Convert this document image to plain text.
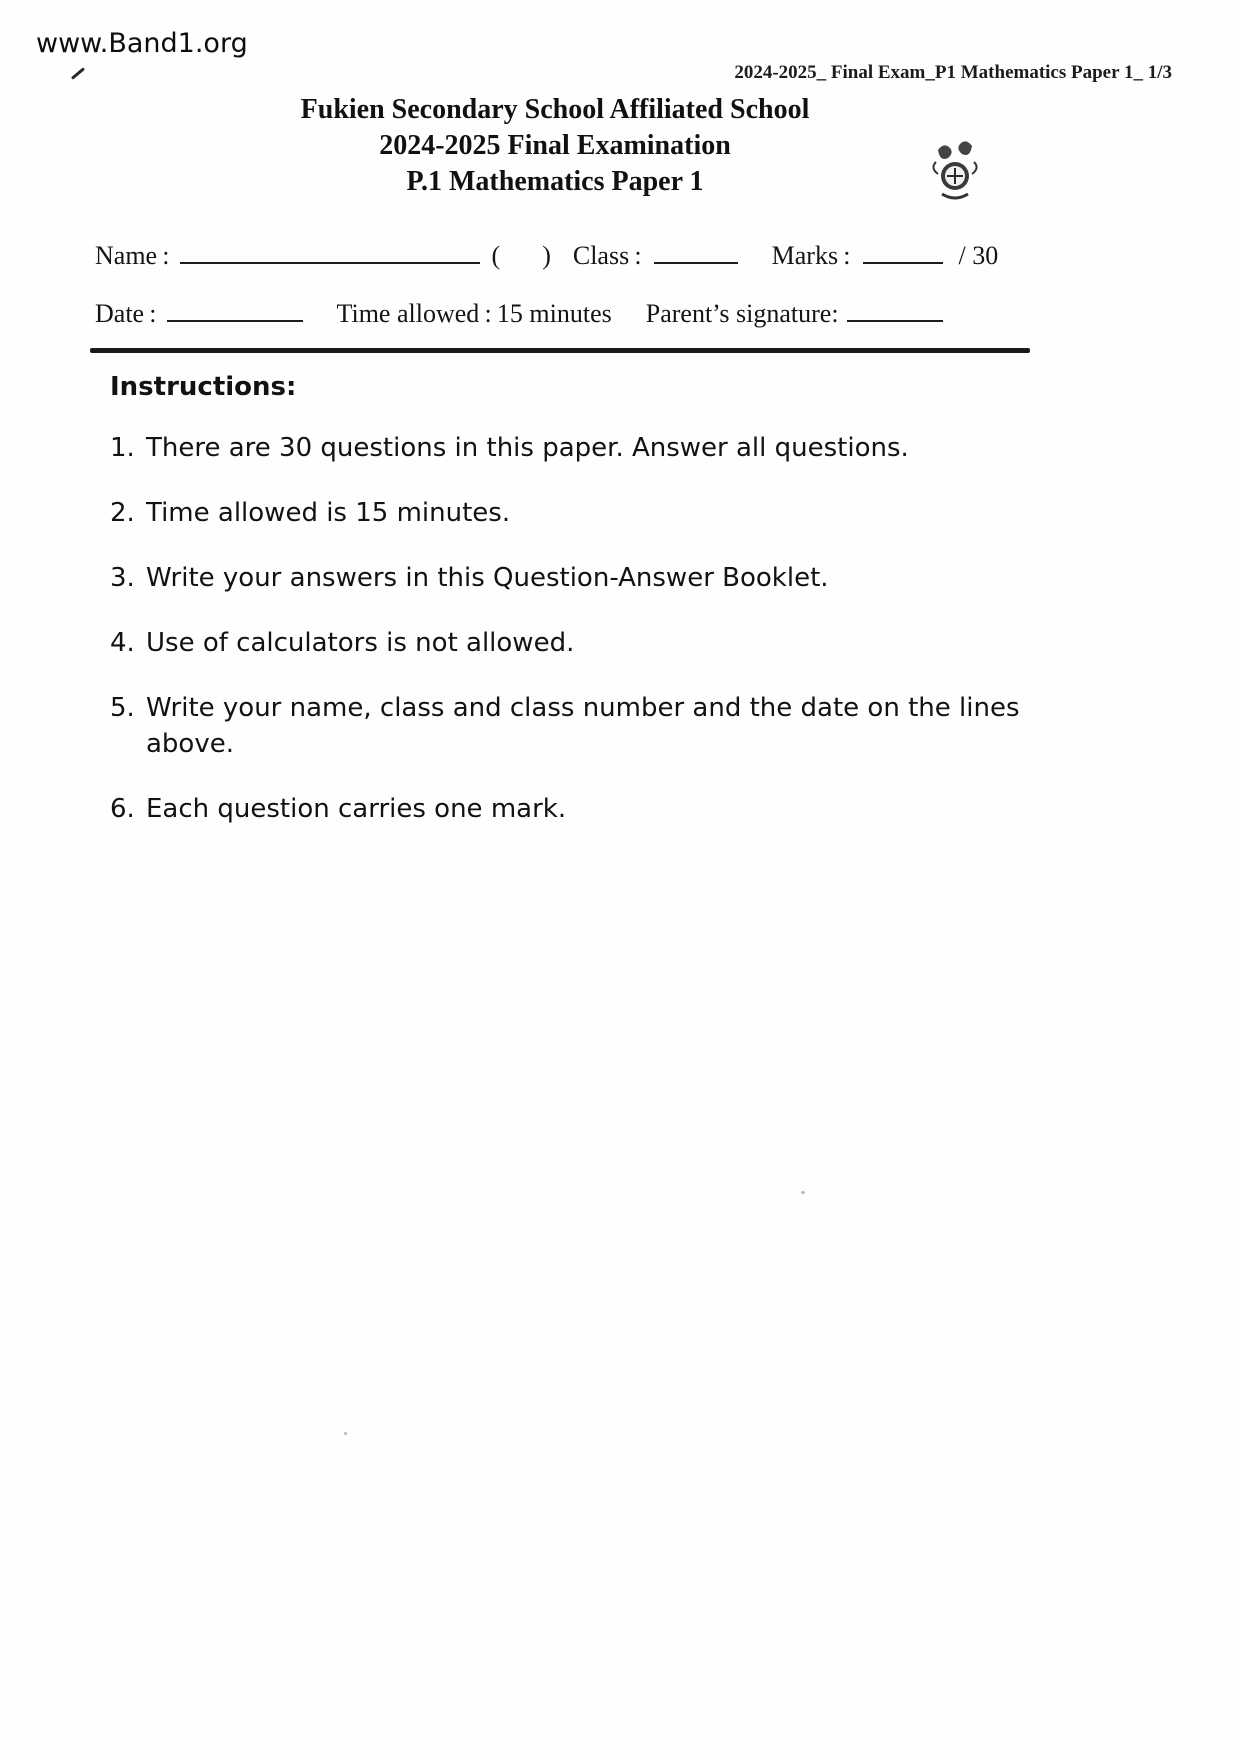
www.Band1.org
2024-2025_ Final Exam_P1 Mathematics Paper 1_ 1/3
Fukien Secondary School Affiliated School
2024-2025 Final Examination
P.1 Mathematics Paper 1
Name :	( ) Class :	Marks :	/ 30
Date :	Time allowed : 15 minutes Parent’s signature:
Instructions:
1. There are 30 questions in this paper. Answer all questions.
2. Time allowed is 15 minutes.
3. Write your answers in this Question-Answer Booklet.
4. Use of calculators is not allowed.
5. Write your name, class and class number and the date on the lines above.
6. Each question carries one mark.
